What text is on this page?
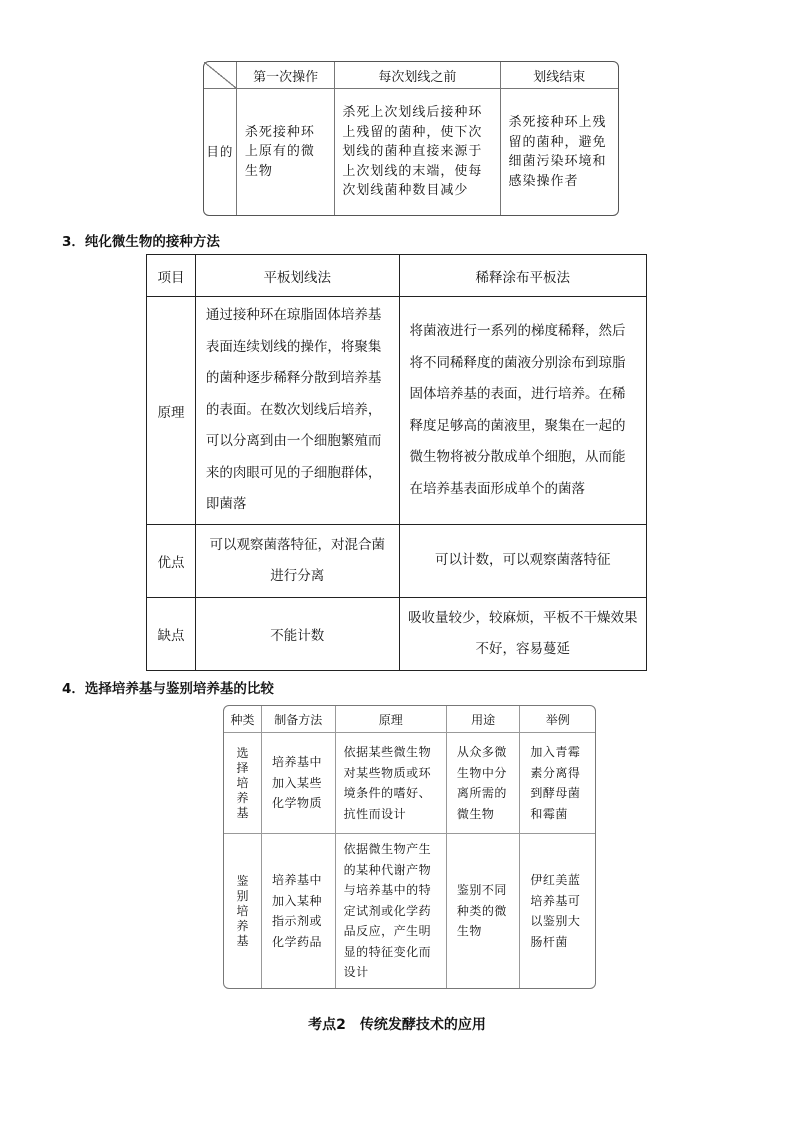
	第一次操作	每次划线之前	划线结束
目的	杀死接种环上原有的微生物	杀死上次划线后接种环上残留的菌种，使下次划线的菌种直接来源于上次划线的末端，使每次划线菌种数目减少	杀死接种环上残留的菌种，避免细菌污染环境和感染操作者
3．纯化微生物的接种方法
项目	平板划线法	稀释涂布平板法
原理	通过接种环在琼脂固体培养基表面连续划线的操作，将聚集的菌种逐步稀释分散到培养基的表面。在数次划线后培养，可以分离到由一个细胞繁殖而来的肉眼可见的子细胞群体，即菌落	将菌液进行一系列的梯度稀释，然后将不同稀释度的菌液分别涂布到琼脂固体培养基的表面，进行培养。在稀释度足够高的菌液里，聚集在一起的微生物将被分散成单个细胞，从而能在培养基表面形成单个的菌落
优点	可以观察菌落特征，对混合菌进行分离	可以计数，可以观察菌落特征
缺点	不能计数	吸收量较少，较麻烦，平板不干燥效果不好，容易蔓延
4．选择培养基与鉴别培养基的比较
种类	制备方法	原理	用途	举例
选择培养基	培养基中加入某些化学物质	依据某些微生物对某些物质或环境条件的嗜好、抗性而设计	从众多微生物中分离所需的微生物	加入青霉素分离得到酵母菌和霉菌
鉴别培养基	培养基中加入某种指示剂或化学药品	依据微生物产生的某种代谢产物与培养基中的特定试剂或化学药品反应，产生明显的特征变化而设计	鉴别不同种类的微生物	伊红美蓝培养基可以鉴别大肠杆菌
考点2　传统发酵技术的应用
